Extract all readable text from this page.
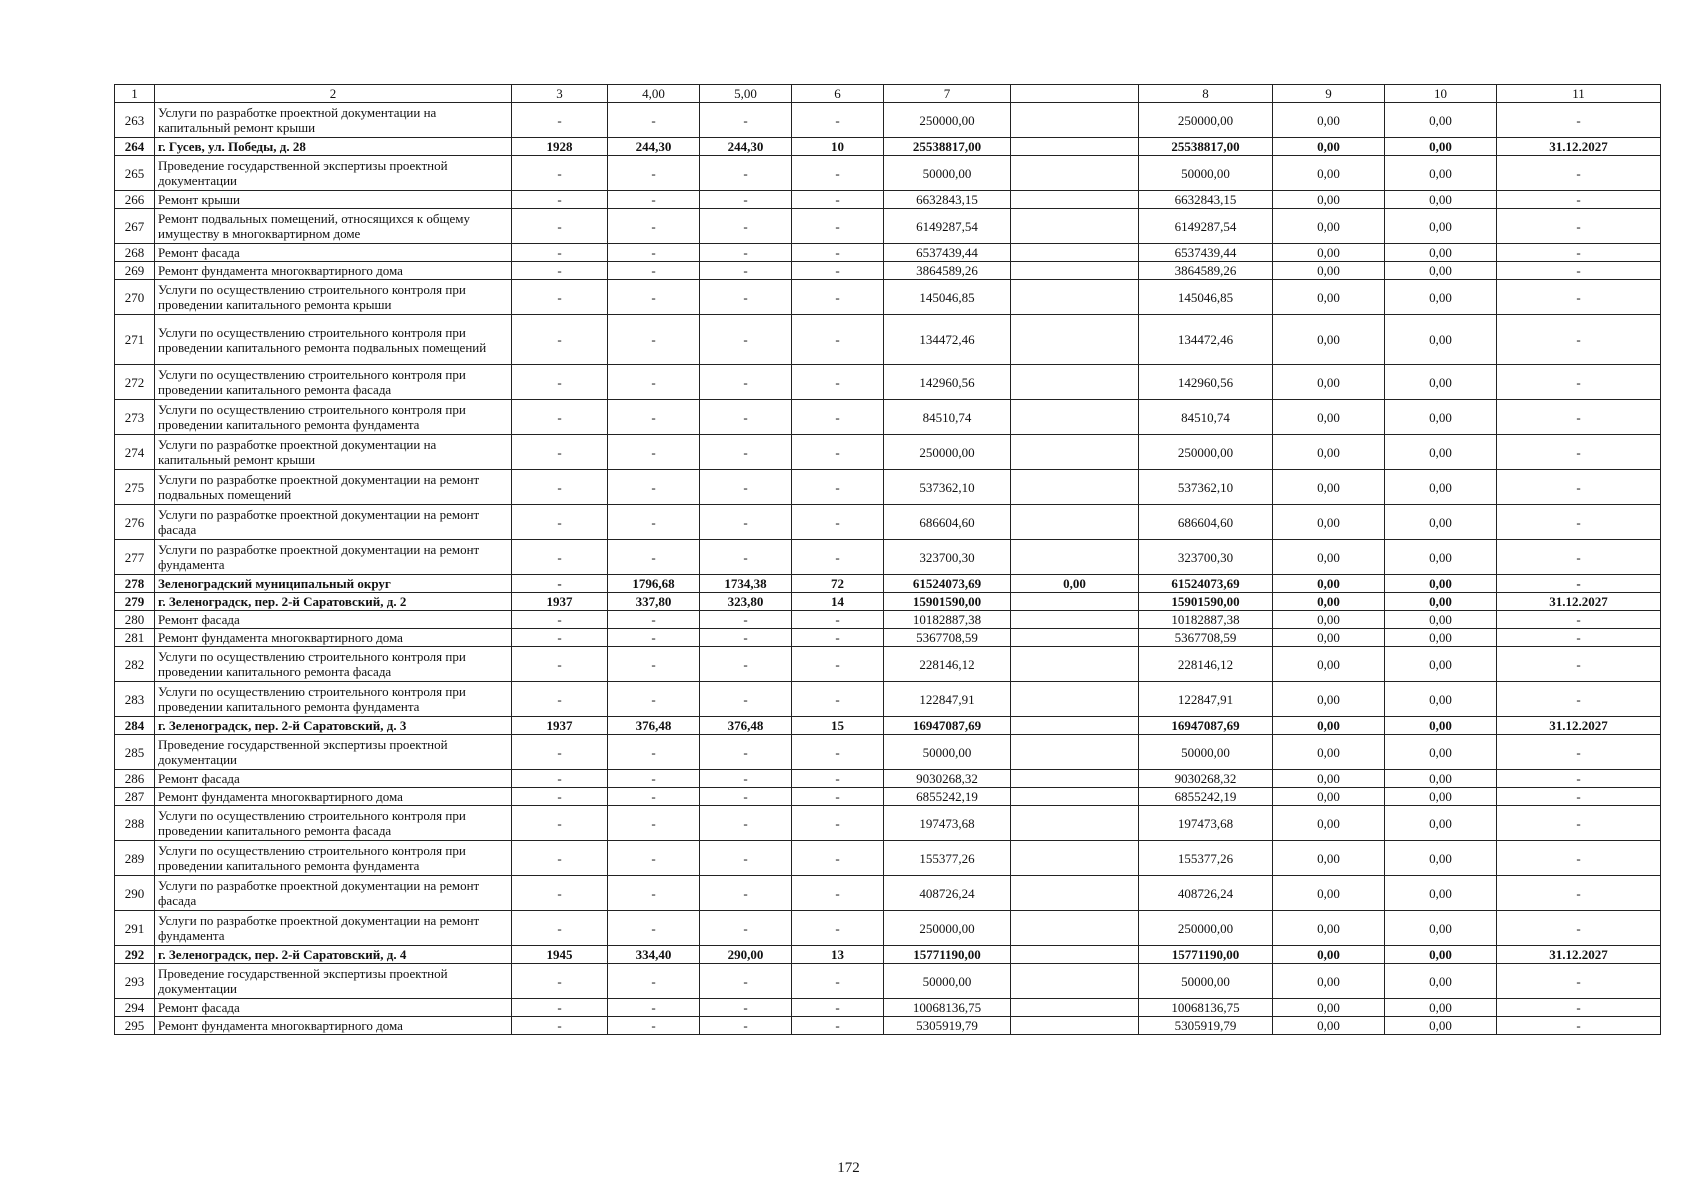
1	2	3	4,00	5,00	6	7		8	9	10	11
263	Услуги по разработке проектной документации на капитальный ремонт крыши	-	-	-	-	250000,00		250000,00	0,00	0,00	-
264	г. Гусев, ул. Победы, д. 28	1928	244,30	244,30	10	25538817,00		25538817,00	0,00	0,00	31.12.2027
265	Проведение государственной экспертизы проектной документации	-	-	-	-	50000,00		50000,00	0,00	0,00	-
266	Ремонт крыши	-	-	-	-	6632843,15		6632843,15	0,00	0,00	-
267	Ремонт подвальных помещений, относящихся к общему имуществу в многоквартирном доме	-	-	-	-	6149287,54		6149287,54	0,00	0,00	-
268	Ремонт фасада	-	-	-	-	6537439,44		6537439,44	0,00	0,00	-
269	Ремонт фундамента многоквартирного дома	-	-	-	-	3864589,26		3864589,26	0,00	0,00	-
270	Услуги по осуществлению строительного контроля при проведении капитального ремонта крыши	-	-	-	-	145046,85		145046,85	0,00	0,00	-
271	Услуги по осуществлению строительного контроля при проведении капитального ремонта подвальных помещений	-	-	-	-	134472,46		134472,46	0,00	0,00	-
272	Услуги по осуществлению строительного контроля при проведении капитального ремонта фасада	-	-	-	-	142960,56		142960,56	0,00	0,00	-
273	Услуги по осуществлению строительного контроля при проведении капитального ремонта фундамента	-	-	-	-	84510,74		84510,74	0,00	0,00	-
274	Услуги по разработке проектной документации на капитальный ремонт крыши	-	-	-	-	250000,00		250000,00	0,00	0,00	-
275	Услуги по разработке проектной документации на ремонт подвальных помещений	-	-	-	-	537362,10		537362,10	0,00	0,00	-
276	Услуги по разработке проектной документации на ремонт фасада	-	-	-	-	686604,60		686604,60	0,00	0,00	-
277	Услуги по разработке проектной документации на ремонт фундамента	-	-	-	-	323700,30		323700,30	0,00	0,00	-
278	Зеленоградский муниципальный округ	-	1796,68	1734,38	72	61524073,69	0,00	61524073,69	0,00	0,00	-
279	г. Зеленоградск, пер. 2-й Саратовский, д. 2	1937	337,80	323,80	14	15901590,00		15901590,00	0,00	0,00	31.12.2027
280	Ремонт фасада	-	-	-	-	10182887,38		10182887,38	0,00	0,00	-
281	Ремонт фундамента многоквартирного дома	-	-	-	-	5367708,59		5367708,59	0,00	0,00	-
282	Услуги по осуществлению строительного контроля при проведении капитального ремонта фасада	-	-	-	-	228146,12		228146,12	0,00	0,00	-
283	Услуги по осуществлению строительного контроля при проведении капитального ремонта фундамента	-	-	-	-	122847,91		122847,91	0,00	0,00	-
284	г. Зеленоградск, пер. 2-й Саратовский, д. 3	1937	376,48	376,48	15	16947087,69		16947087,69	0,00	0,00	31.12.2027
285	Проведение государственной экспертизы проектной документации	-	-	-	-	50000,00		50000,00	0,00	0,00	-
286	Ремонт фасада	-	-	-	-	9030268,32		9030268,32	0,00	0,00	-
287	Ремонт фундамента многоквартирного дома	-	-	-	-	6855242,19		6855242,19	0,00	0,00	-
288	Услуги по осуществлению строительного контроля при проведении капитального ремонта фасада	-	-	-	-	197473,68		197473,68	0,00	0,00	-
289	Услуги по осуществлению строительного контроля при проведении капитального ремонта фундамента	-	-	-	-	155377,26		155377,26	0,00	0,00	-
290	Услуги по разработке проектной документации на ремонт фасада	-	-	-	-	408726,24		408726,24	0,00	0,00	-
291	Услуги по разработке проектной документации на ремонт фундамента	-	-	-	-	250000,00		250000,00	0,00	0,00	-
292	г. Зеленоградск, пер. 2-й Саратовский, д. 4	1945	334,40	290,00	13	15771190,00		15771190,00	0,00	0,00	31.12.2027
293	Проведение государственной экспертизы проектной документации	-	-	-	-	50000,00		50000,00	0,00	0,00	-
294	Ремонт фасада	-	-	-	-	10068136,75		10068136,75	0,00	0,00	-
295	Ремонт фундамента многоквартирного дома	-	-	-	-	5305919,79		5305919,79	0,00	0,00	-
172
